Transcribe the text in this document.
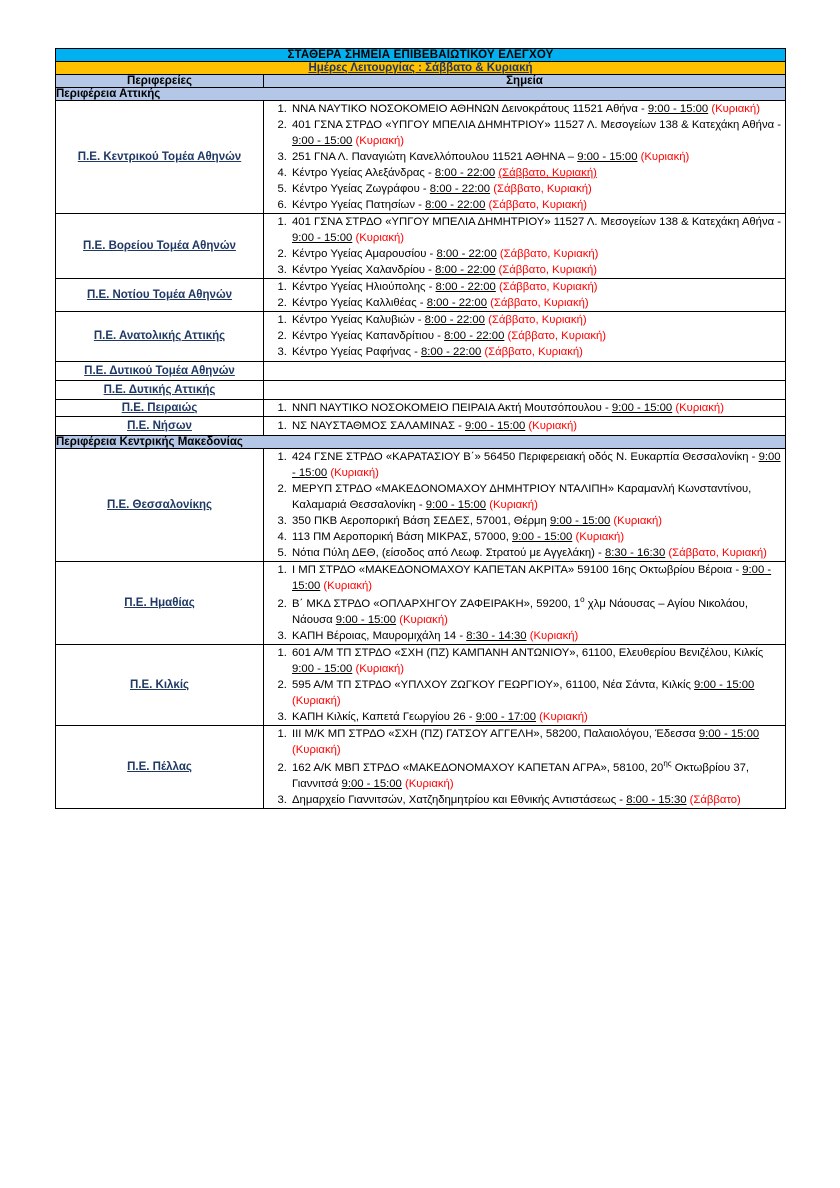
ΣΤΑΘΕΡΑ ΣΗΜΕΙΑ ΕΠΙΒΕΒΑΙΩΤΙΚΟΥ ΕΛΕΓΧΟΥ	
Ημέρες Λειτουργίας : Σάββατο & Κυριακή	
Περιφερείες	Σημεία
Περιφέρεια Αττικής	
Π.Ε. Κεντρικού Τομέα Αθηνών	
1. ΝΝΑ ΝΑΥΤΙΚΟ ΝΟΣΟΚΟΜΕΙΟ ΑΘΗΝΩΝ Δεινοκράτους 11521 Αθήνα - 9:00 - 15:00 (Κυριακή)
2. 401 ΓΣΝΑ ΣΤΡΔΟ «ΥΠΓΟΥ ΜΠΕΛΙΑ ΔΗΜΗΤΡΙΟΥ» 11527 Λ. Μεσογείων 138 & Κατεχάκη Αθήνα - 9:00 - 15:00 (Κυριακή)
3. 251 ΓΝΑ Λ. Παναγιώτη Κανελλόπουλου 11521 ΑΘΗΝΑ – 9:00 - 15:00 (Κυριακή)
4. Κέντρο Υγείας Αλεξάνδρας - 8:00 - 22:00 (Σάββατο, Κυριακή)
5. Κέντρο Υγείας Ζωγράφου - 8:00 - 22:00 (Σάββατο, Κυριακή)
6. Κέντρο Υγείας Πατησίων - 8:00 - 22:00 (Σάββατο, Κυριακή)

Π.Ε. Βορείου Τομέα Αθηνών	
1. 401 ΓΣΝΑ ΣΤΡΔΟ «ΥΠΓΟΥ ΜΠΕΛΙΑ ΔΗΜΗΤΡΙΟΥ» 11527 Λ. Μεσογείων 138 & Κατεχάκη Αθήνα - 9:00 - 15:00 (Κυριακή)
2. Κέντρο Υγείας Αμαρουσίου - 8:00 - 22:00 (Σάββατο, Κυριακή)
3. Κέντρο Υγείας Χαλανδρίου - 8:00 - 22:00 (Σάββατο, Κυριακή)

Π.Ε. Νοτίου Τομέα Αθηνών	
1. Κέντρο Υγείας Ηλιούπολης - 8:00 - 22:00 (Σάββατο, Κυριακή)
2. Κέντρο Υγείας Καλλιθέας - 8:00 - 22:00 (Σάββατο, Κυριακή)

Π.Ε. Ανατολικής Αττικής	
1. Κέντρο Υγείας Καλυβιών - 8:00 - 22:00 (Σάββατο, Κυριακή)
2. Κέντρο Υγείας Καπανδρίτιου - 8:00 - 22:00 (Σάββατο, Κυριακή)
3. Κέντρο Υγείας Ραφήνας - 8:00 - 22:00 (Σάββατο, Κυριακή)

Π.Ε. Δυτικού Τομέα Αθηνών	
Π.Ε. Δυτικής Αττικής	
Π.Ε. Πειραιώς	
1.ΝΝΠ ΝΑΥΤΙΚΟ ΝΟΣΟΚΟΜΕΙΟ ΠΕΙΡΑΙΑ Ακτή Μουτσόπουλου - 9:00 - 15:00 (Κυριακή)

Π.Ε. Νήσων	
1.ΝΣ ΝΑΥΣΤΑΘΜΟΣ ΣΑΛΑΜΙΝΑΣ - 9:00 - 15:00 (Κυριακή)

Περιφέρεια Κεντρικής Μακεδονίας	
Π.Ε. Θεσσαλονίκης	
1. 424 ΓΣΝΕ ΣΤΡΔΟ «ΚΑΡΑΤΑΣΙΟΥ Β΄» 56450 Περιφερειακή οδός Ν. Ευκαρπία Θεσσαλονίκη - 9:00 - 15:00 (Κυριακή)
2. ΜΕΡΥΠ ΣΤΡΔΟ «ΜΑΚΕΔΟΝΟΜΑΧΟΥ ΔΗΜΗΤΡΙΟΥ ΝΤΑΛΙΠΗ» Καραμανλή Κωνσταντίνου, Καλαμαριά Θεσσαλονίκη - 9:00 - 15:00 (Κυριακή)
3. 350 ΠΚΒ Αεροπορική Βάση ΣΕΔΕΣ, 57001, Θέρμη 9:00 - 15:00 (Κυριακή)
4. 113 ΠΜ Αεροπορική Βάση ΜΙΚΡΑΣ, 57000, 9:00 - 15:00 (Κυριακή)
5. Νότια Πύλη ΔΕΘ, (είσοδος από Λεωφ. Στρατού με Αγγελάκη) - 8:30 - 16:30 (Σάββατο, Κυριακή)

Π.Ε. Ημαθίας	
1. Ι ΜΠ ΣΤΡΔΟ «ΜΑΚΕΔΟΝΟΜΑΧΟΥ ΚΑΠΕΤΑΝ ΑΚΡΙΤΑ» 59100 16ης Οκτωβρίου Βέροια - 9:00 - 15:00 (Κυριακή)
2. Β΄ ΜΚΔ ΣΤΡΔΟ «ΟΠΛΑΡΧΗΓΟΥ ΖΑΦΕΙΡΑΚΗ», 59200, $1^o$ χλμ Νάουσας – Αγίου Νικολάου, Νάουσα 9:00 - 15:00 (Κυριακή)
3. ΚΑΠΗ Βέροιας, Μαυρομιχάλη 14 - 8:30 - 14:30 (Κυριακή)

Π.Ε. Κιλκίς	
1. 601 Α/Μ ΤΠ ΣΤΡΔΟ «ΣΧΗ (ΠΖ) ΚΑΜΠΑΝΗ ΑΝΤΩΝΙΟΥ», 61100, Ελευθερίου Βενιζέλου, Κιλκίς 9:00 - 15:00 (Κυριακή)
2. 595 Α/Μ ΤΠ ΣΤΡΔΟ «ΥΠΛΧΟΥ ΖΩΓΚΟΥ ΓΕΩΡΓΙΟΥ», 61100, Νέα Σάντα, Κιλκίς 9:00 - 15:00 (Κυριακή)
3. ΚΑΠΗ Κιλκίς, Καπετά Γεωργίου 26 - 9:00 - 17:00 (Κυριακή)

Π.Ε. Πέλλας	
1. ΙΙΙ Μ/Κ ΜΠ ΣΤΡΔΟ «ΣΧΗ (ΠΖ) ΓΑΤΣΟΥ ΑΓΓΕΛΗ», 58200, Παλαιολόγου, Έδεσσα 9:00 - 15:00 (Κυριακή)
2. 162 Α/Κ ΜΒΠ ΣΤΡΔΟ «ΜΑΚΕΔΟΝΟΜΑΧΟΥ ΚΑΠΕΤΑΝ ΑΓΡΑ», 58100, $20^{\eta\varsigma}$ Οκτωβρίου 37, Γιαννιτσά 9:00 - 15:00 (Κυριακή)
3. Δημαρχείο Γιαννιτσών, Χατζηδημητρίου και Εθνικής Αντιστάσεως - 8:00 - 15:30 (Σάββατο)
